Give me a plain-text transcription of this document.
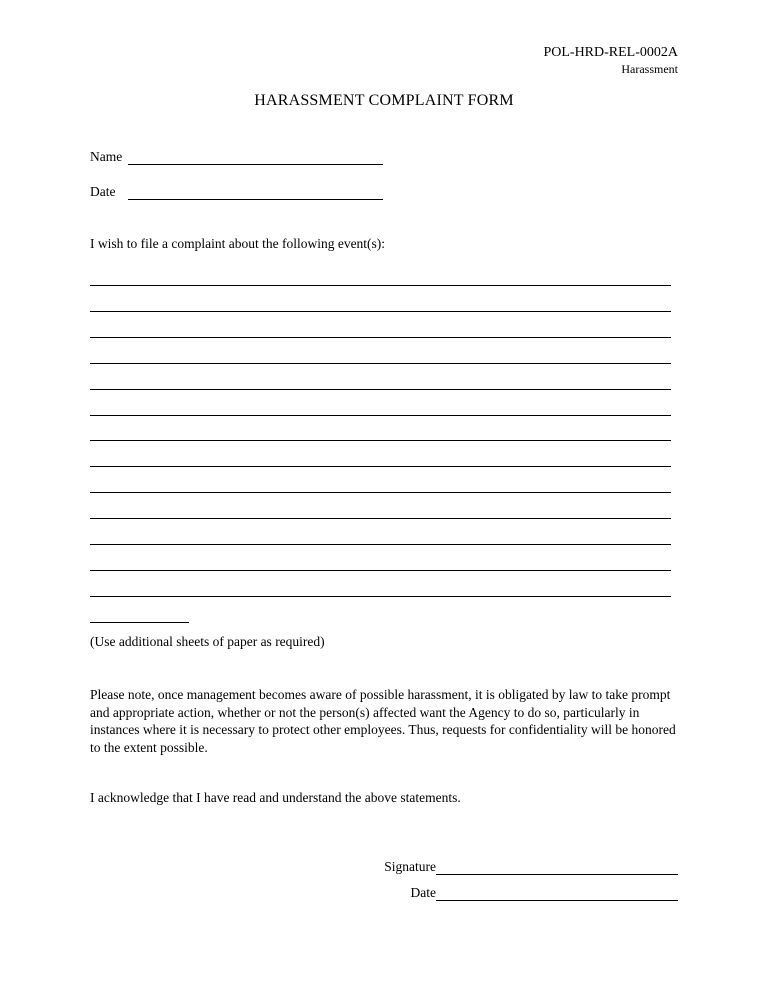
POL-HRD-REL-0002A
Harassment
HARASSMENT COMPLAINT FORM
Name
Date
I wish to file a complaint about the following event(s):
(Use additional sheets of paper as required)
Please note, once management becomes aware of possible harassment, it is obligated by law to take prompt and appropriate action, whether or not the person(s) affected want the Agency to do so, particularly in instances where it is necessary to protect other employees. Thus, requests for confidentiality will be honored to the extent possible.
I acknowledge that I have read and understand the above statements.
Signature
Date
